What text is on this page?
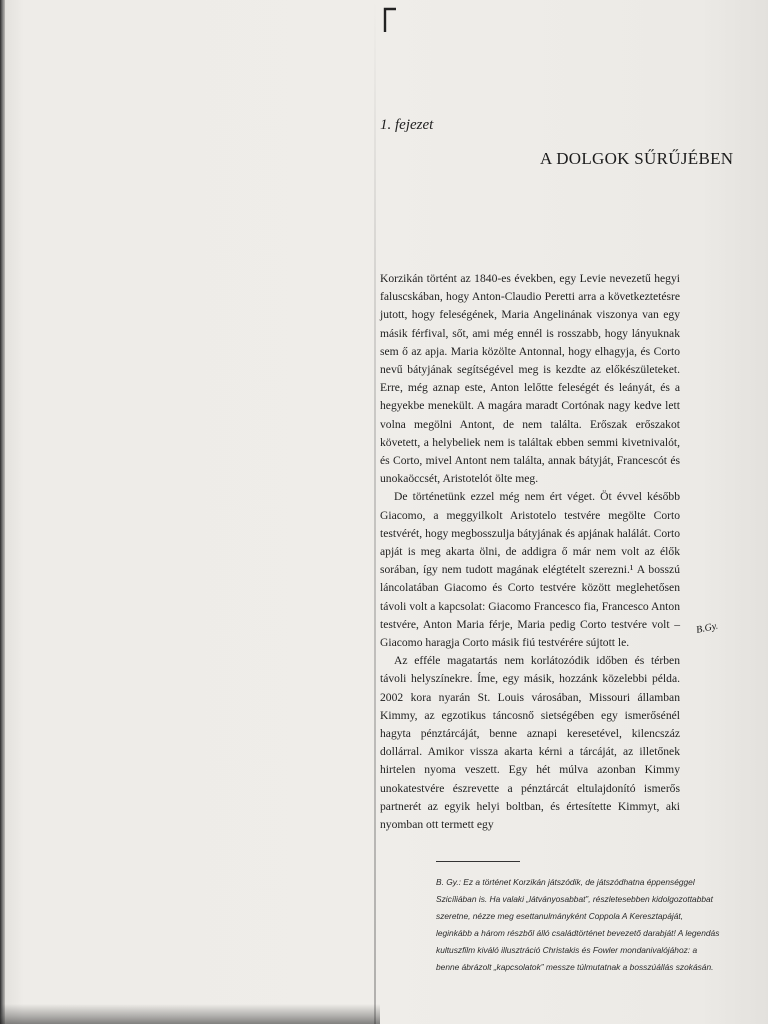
1. fejezet
A DOLGOK SŰRŰJÉBEN

Korzikán történt az 1840-es években, egy Levie nevezetű hegyi faluscskában, hogy Anton-Claudio Peretti arra a következtetésre jutott, hogy feleségének, Maria Angelinának viszonya van egy másik férfival, sőt, ami még ennél is rosszabb, hogy lányuknak sem ő az apja. Maria közölte Antonnal, hogy elhagyja, és Corto nevű bátyjának segítségével meg is kezdte az előkészületeket. Erre, még aznap este, Anton lelőtte feleségét és leányát, és a hegyekbe menekült. A magára maradt Cortónak nagy kedve lett volna megölni Antont, de nem találta. Erőszak erőszakot követett, a helybeliek nem is találtak ebben semmi kivetnivalót, és Corto, mivel Antont nem találta, annak bátyját, Francescót és unokaöccsét, Aristotelót ölte meg.

De történetünk ezzel még nem ért véget. Öt évvel később Giacomo, a meggyilkolt Aristotelo testvére megölte Corto testvérét, hogy megbosszulja bátyjának és apjának halálát. Corto apját is meg akarta ölni, de addigra ő már nem volt az élők sorában, így nem tudott magának elégtételt szerezni.¹ A bosszú láncolatában Giacomo és Corto testvére között meglehetősen távoli volt a kapcsolat: Giacomo Francesco fia, Francesco Anton testvére, Anton Maria férje, Maria pedig Corto testvére volt – Giacomo haragja Corto másik fiú testvérére sújtott le.

Az efféle magatartás nem korlátozódik időben és térben távoli helyszínekre. Íme, egy másik, hozzánk közelebbi példa. 2002 kora nyarán St. Louis városában, Missouri államban Kimmy, az egzotikus táncosnő sietségében egy ismerősénél hagyta pénztárcáját, benne aznapi keresetével, kilencszáz dollárral. Amikor vissza akarta kérni a tárcáját, az illetőnek hirtelen nyoma veszett. Egy hét múlva azonban Kimmy unokatestvére észrevette a pénztárcát eltulajdonító ismerős partnerét az egyik helyi boltban, és értesítette Kimmyt, aki nyomban ott termett egy

B.Gy.
B. Gy.: Ez a történet Korzikán játszódik, de játszódhatna éppenséggel Szicíliában is. Ha valaki „látványosabbat”, részletesebben kidolgozottabbat szeretne, nézze meg esettanulmányként Coppola A Keresztapáját, leginkább a három részből álló családtörténet bevezető darabját! A legendás kultuszfilm kiváló illusztráció Christakis és Fowler mondanivalójához: a benne ábrázolt „kapcsolatok” messze túlmutatnak a bosszúállás szokásán.
